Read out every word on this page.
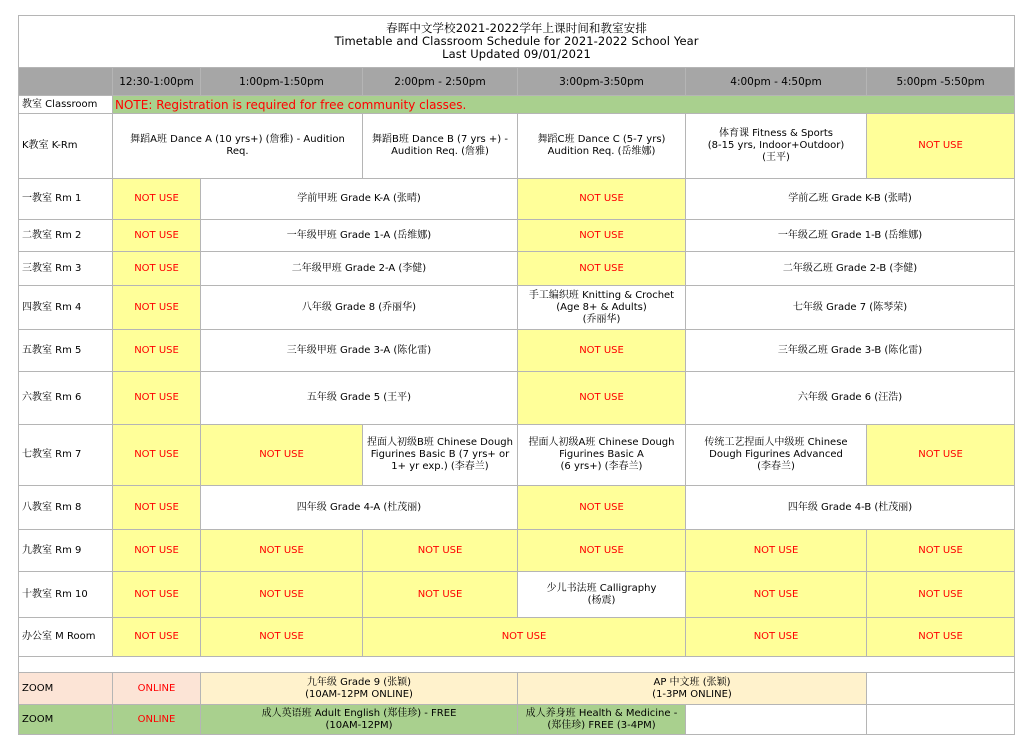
春晖中文学校2021-2022学年上课时间和教室安排
Timetable and Classroom Schedule for 2021-2022 School Year
Last Updated 09/01/2021						

	12:30-1:00pm	1:00pm-1:50pm	2:00pm - 2:50pm	3:00pm-3:50pm	4:00pm - 4:50pm	5:00pm -5:50pm
教室 Classroom	NOTE: Registration is required for free community classes.					
K教室 K-Rm	舞蹈A班 Dance A (10 yrs+) (詹雅) - Audition
Req.		舞蹈B班 Dance B (7 yrs +) -
Audition Req. (詹雅)	舞蹈C班 Dance C (5-7 yrs)
Audition Req. (岳维娜)	体育课 Fitness & Sports
(8-15 yrs, Indoor+Outdoor)
(王平)	NOT USE
一教室 Rm 1	NOT USE	学前甲班 Grade K-A (张晴)		NOT USE	学前乙班 Grade K-B (张晴)	
二教室 Rm 2	NOT USE	一年级甲班 Grade 1-A (岳维娜)		NOT USE	一年级乙班 Grade 1-B (岳维娜)	
三教室 Rm 3	NOT USE	二年级甲班 Grade 2-A (李健)		NOT USE	二年级乙班 Grade 2-B (李健)	
四教室 Rm 4	NOT USE	八年级 Grade 8 (乔丽华)		手工编织班 Knitting & Crochet
(Age 8+ & Adults)
(乔丽华)	七年级 Grade 7 (陈琴荣)	
五教室 Rm 5	NOT USE	三年级甲班 Grade 3-A (陈化雷)		NOT USE	三年级乙班 Grade 3-B (陈化雷)	
六教室 Rm 6	NOT USE	五年级 Grade 5 (王平)		NOT USE	六年级 Grade 6 (汪浩)	
七教室 Rm 7	NOT USE	NOT USE	捏面人初级B班 Chinese Dough
Figurines Basic B (7 yrs+ or
1+ yr exp.) (李春兰)	捏面人初级A班 Chinese Dough
Figurines Basic A
(6 yrs+) (李春兰)	传统工艺捏面人中级班 Chinese
Dough Figurines Advanced
(李春兰)	NOT USE
八教室 Rm 8	NOT USE	四年级 Grade 4-A (杜茂丽)		NOT USE	四年级 Grade 4-B (杜茂丽)	
九教室 Rm 9	NOT USE	NOT USE	NOT USE	NOT USE	NOT USE	NOT USE
十教室 Rm 10	NOT USE	NOT USE	NOT USE	少儿书法班 Calligraphy
(杨震)	NOT USE	NOT USE
办公室 M Room	NOT USE	NOT USE	NOT USE		NOT USE	NOT USE

ZOOM	ONLINE	九年级 Grade 9 (张颖)
(10AM-12PM ONLINE)		AP 中文班 (张颖)
(1-3PM ONLINE)		

ZOOM	ONLINE	成人英语班 Adult English (郑佳珍) - FREE
(10AM-12PM)		成人养身班 Health & Medicine -
(郑佳珍) FREE (3-4PM)		
